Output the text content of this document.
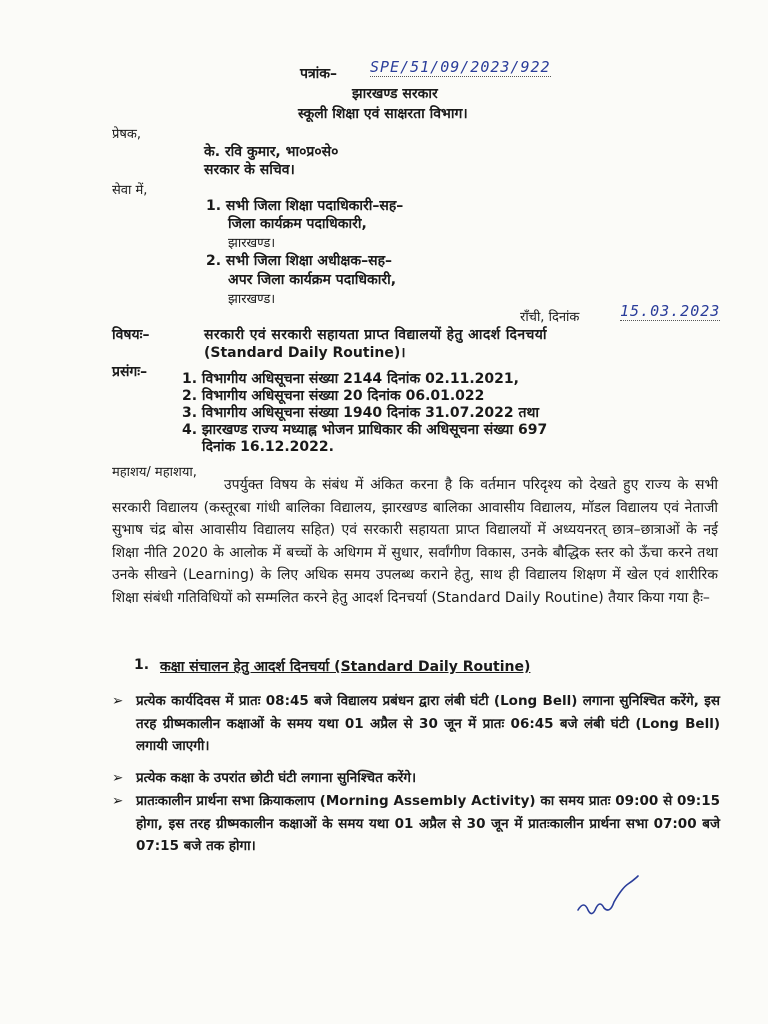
पत्रांक– SPE/51/09/2023/922
झारखण्ड सरकार
स्कूली शिक्षा एवं साक्षरता विभाग।
प्रेषक,
के. रवि कुमार, भा०प्र०से०
सरकार के सचिव।
सेवा में,
1. सभी जिला शिक्षा पदाधिकारी–सह–
जिला कार्यक्रम पदाधिकारी,
झारखण्ड।
2. सभी जिला शिक्षा अधीक्षक–सह–
अपर जिला कार्यक्रम पदाधिकारी,
झारखण्ड।
राँची, दिनांक	15.03.2023
विषयः–	सरकारी एवं सरकारी सहायता प्राप्त विद्यालयों हेतु आदर्श दिनचर्या
(Standard Daily Routine)।
प्रसंगः– 1. विभागीय अधिसूचना संख्या 2144 दिनांक 02.11.2021,
2. विभागीय अधिसूचना संख्या 20 दिनांक 06.01.022
3. विभागीय अधिसूचना संख्या 1940 दिनांक 31.07.2022 तथा
4. झारखण्ड राज्य मध्याह्न भोजन प्राधिकार की अधिसूचना संख्या 697
दिनांक 16.12.2022.
महाशय/ महाशया,
उपर्युक्त विषय के संबंध में अंकित करना है कि वर्तमान परिदृश्य को देखते हुए राज्य के सभी सरकारी विद्यालय (कस्तूरबा गांधी बालिका विद्यालय, झारखण्ड बालिका आवासीय विद्यालय, मॉडल विद्यालय एवं नेताजी सुभाष चंद्र बोस आवासीय विद्यालय सहित) एवं सरकारी सहायता प्राप्त विद्यालयों में अध्ययनरत् छात्र–छात्राओं के नई शिक्षा नीति 2020 के आलोक में बच्चों के अधिगम में सुधार, सर्वांगीण विकास, उनके बौद्धिक स्तर को ऊँचा करने तथा उनके सीखने (Learning) के लिए अधिक समय उपलब्ध कराने हेतु, साथ ही विद्यालय शिक्षण में खेल एवं शारीरिक शिक्षा संबंधी गतिविधियों को सम्मलित करने हेतु आदर्श दिनचर्या (Standard Daily Routine) तैयार किया गया हैः–
1. कक्षा संचालन हेतु आदर्श दिनचर्या (Standard Daily Routine)
➢ प्रत्येक कार्यदिवस में प्रातः 08:45 बजे विद्यालय प्रबंधन द्वारा लंबी घंटी (Long Bell) लगाना सुनिश्चित करेंगे, इस तरह ग्रीष्मकालीन कक्षाओं के समय यथा 01 अप्रैल से 30 जून में प्रातः 06:45 बजे लंबी घंटी (Long Bell) लगायी जाएगी।
➢ प्रत्येक कक्षा के उपरांत छोटी घंटी लगाना सुनिश्चित करेंगे।
➢ प्रातःकालीन प्रार्थना सभा क्रियाकलाप (Morning Assembly Activity) का समय प्रातः 09:00 से 09:15 होगा, इस तरह ग्रीष्मकालीन कक्षाओं के समय यथा 01 अप्रैल से 30 जून में प्रातःकालीन प्रार्थना सभा 07:00 बजे 07:15 बजे तक होगा।
